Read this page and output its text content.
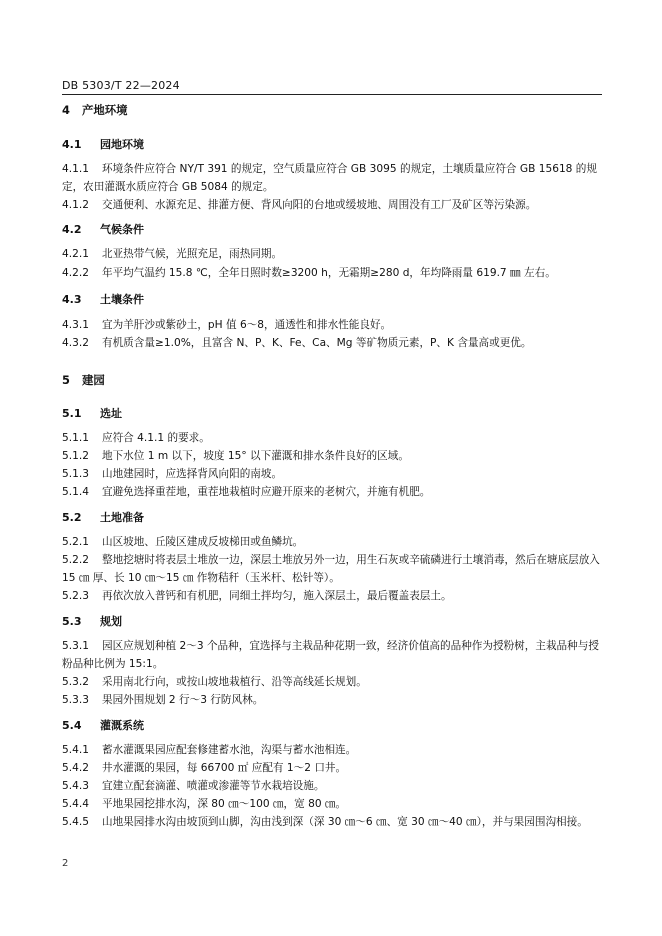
DB 5303/T 22—2024
4 产地环境
4.1 园地环境
4.1.1 环境条件应符合 NY/T 391 的规定，空气质量应符合 GB 3095 的规定，土壤质量应符合 GB 15618 的规定，农田灌溉水质应符合 GB 5084 的规定。
4.1.2 交通便利、水源充足、排灌方便、背风向阳的台地或缓坡地、周围没有工厂及矿区等污染源。
4.2 气候条件
4.2.1 北亚热带气候，光照充足，雨热同期。
4.2.2 年平均气温约 15.8 ℃，全年日照时数≥3200 h，无霜期≥280 d，年均降雨量 619.7 ㎜ 左右。
4.3 土壤条件
4.3.1 宜为羊肝沙或紫砂土，pH 值 6～8，通透性和排水性能良好。
4.3.2 有机质含量≥1.0%，且富含 N、P、K、Fe、Ca、Mg 等矿物质元素，P、K 含量高或更优。
5 建园
5.1 选址
5.1.1 应符合 4.1.1 的要求。
5.1.2 地下水位 1 m 以下，坡度 15° 以下灌溉和排水条件良好的区域。
5.1.3 山地建园时，应选择背风向阳的南坡。
5.1.4 宜避免选择重茬地，重茬地栽植时应避开原来的老树穴，并施有机肥。
5.2 土地准备
5.2.1 山区坡地、丘陵区建成反坡梯田或鱼鳞坑。
5.2.2 整地挖塘时将表层土堆放一边，深层土堆放另外一边，用生石灰或辛硫磷进行土壤消毒，然后在塘底层放入 15 ㎝ 厚、长 10 ㎝～15 ㎝ 作物秸秆（玉米杆、松针等）。
5.2.3 再依次放入普钙和有机肥，同细土拌均匀，施入深层土，最后覆盖表层土。
5.3 规划
5.3.1 园区应规划种植 2～3 个品种，宜选择与主栽品种花期一致，经济价值高的品种作为授粉树，主栽品种与授粉品种比例为 15:1。
5.3.2 采用南北行向，或按山坡地栽植行、沿等高线延长规划。
5.3.3 果园外围规划 2 行～3 行防风林。
5.4 灌溉系统
5.4.1 蓄水灌溉果园应配套修建蓄水池，沟渠与蓄水池相连。
5.4.2 井水灌溉的果园，每 66700 ㎡ 应配有 1～2 口井。
5.4.3 宜建立配套滴灌、喷灌或渗灌等节水栽培设施。
5.4.4 平地果园挖排水沟，深 80 ㎝～100 ㎝，宽 80 ㎝。
5.4.5 山地果园排水沟由坡顶到山脚，沟由浅到深（深 30 ㎝～6 ㎝、宽 30 ㎝～40 ㎝），并与果园围沟相接。
2
